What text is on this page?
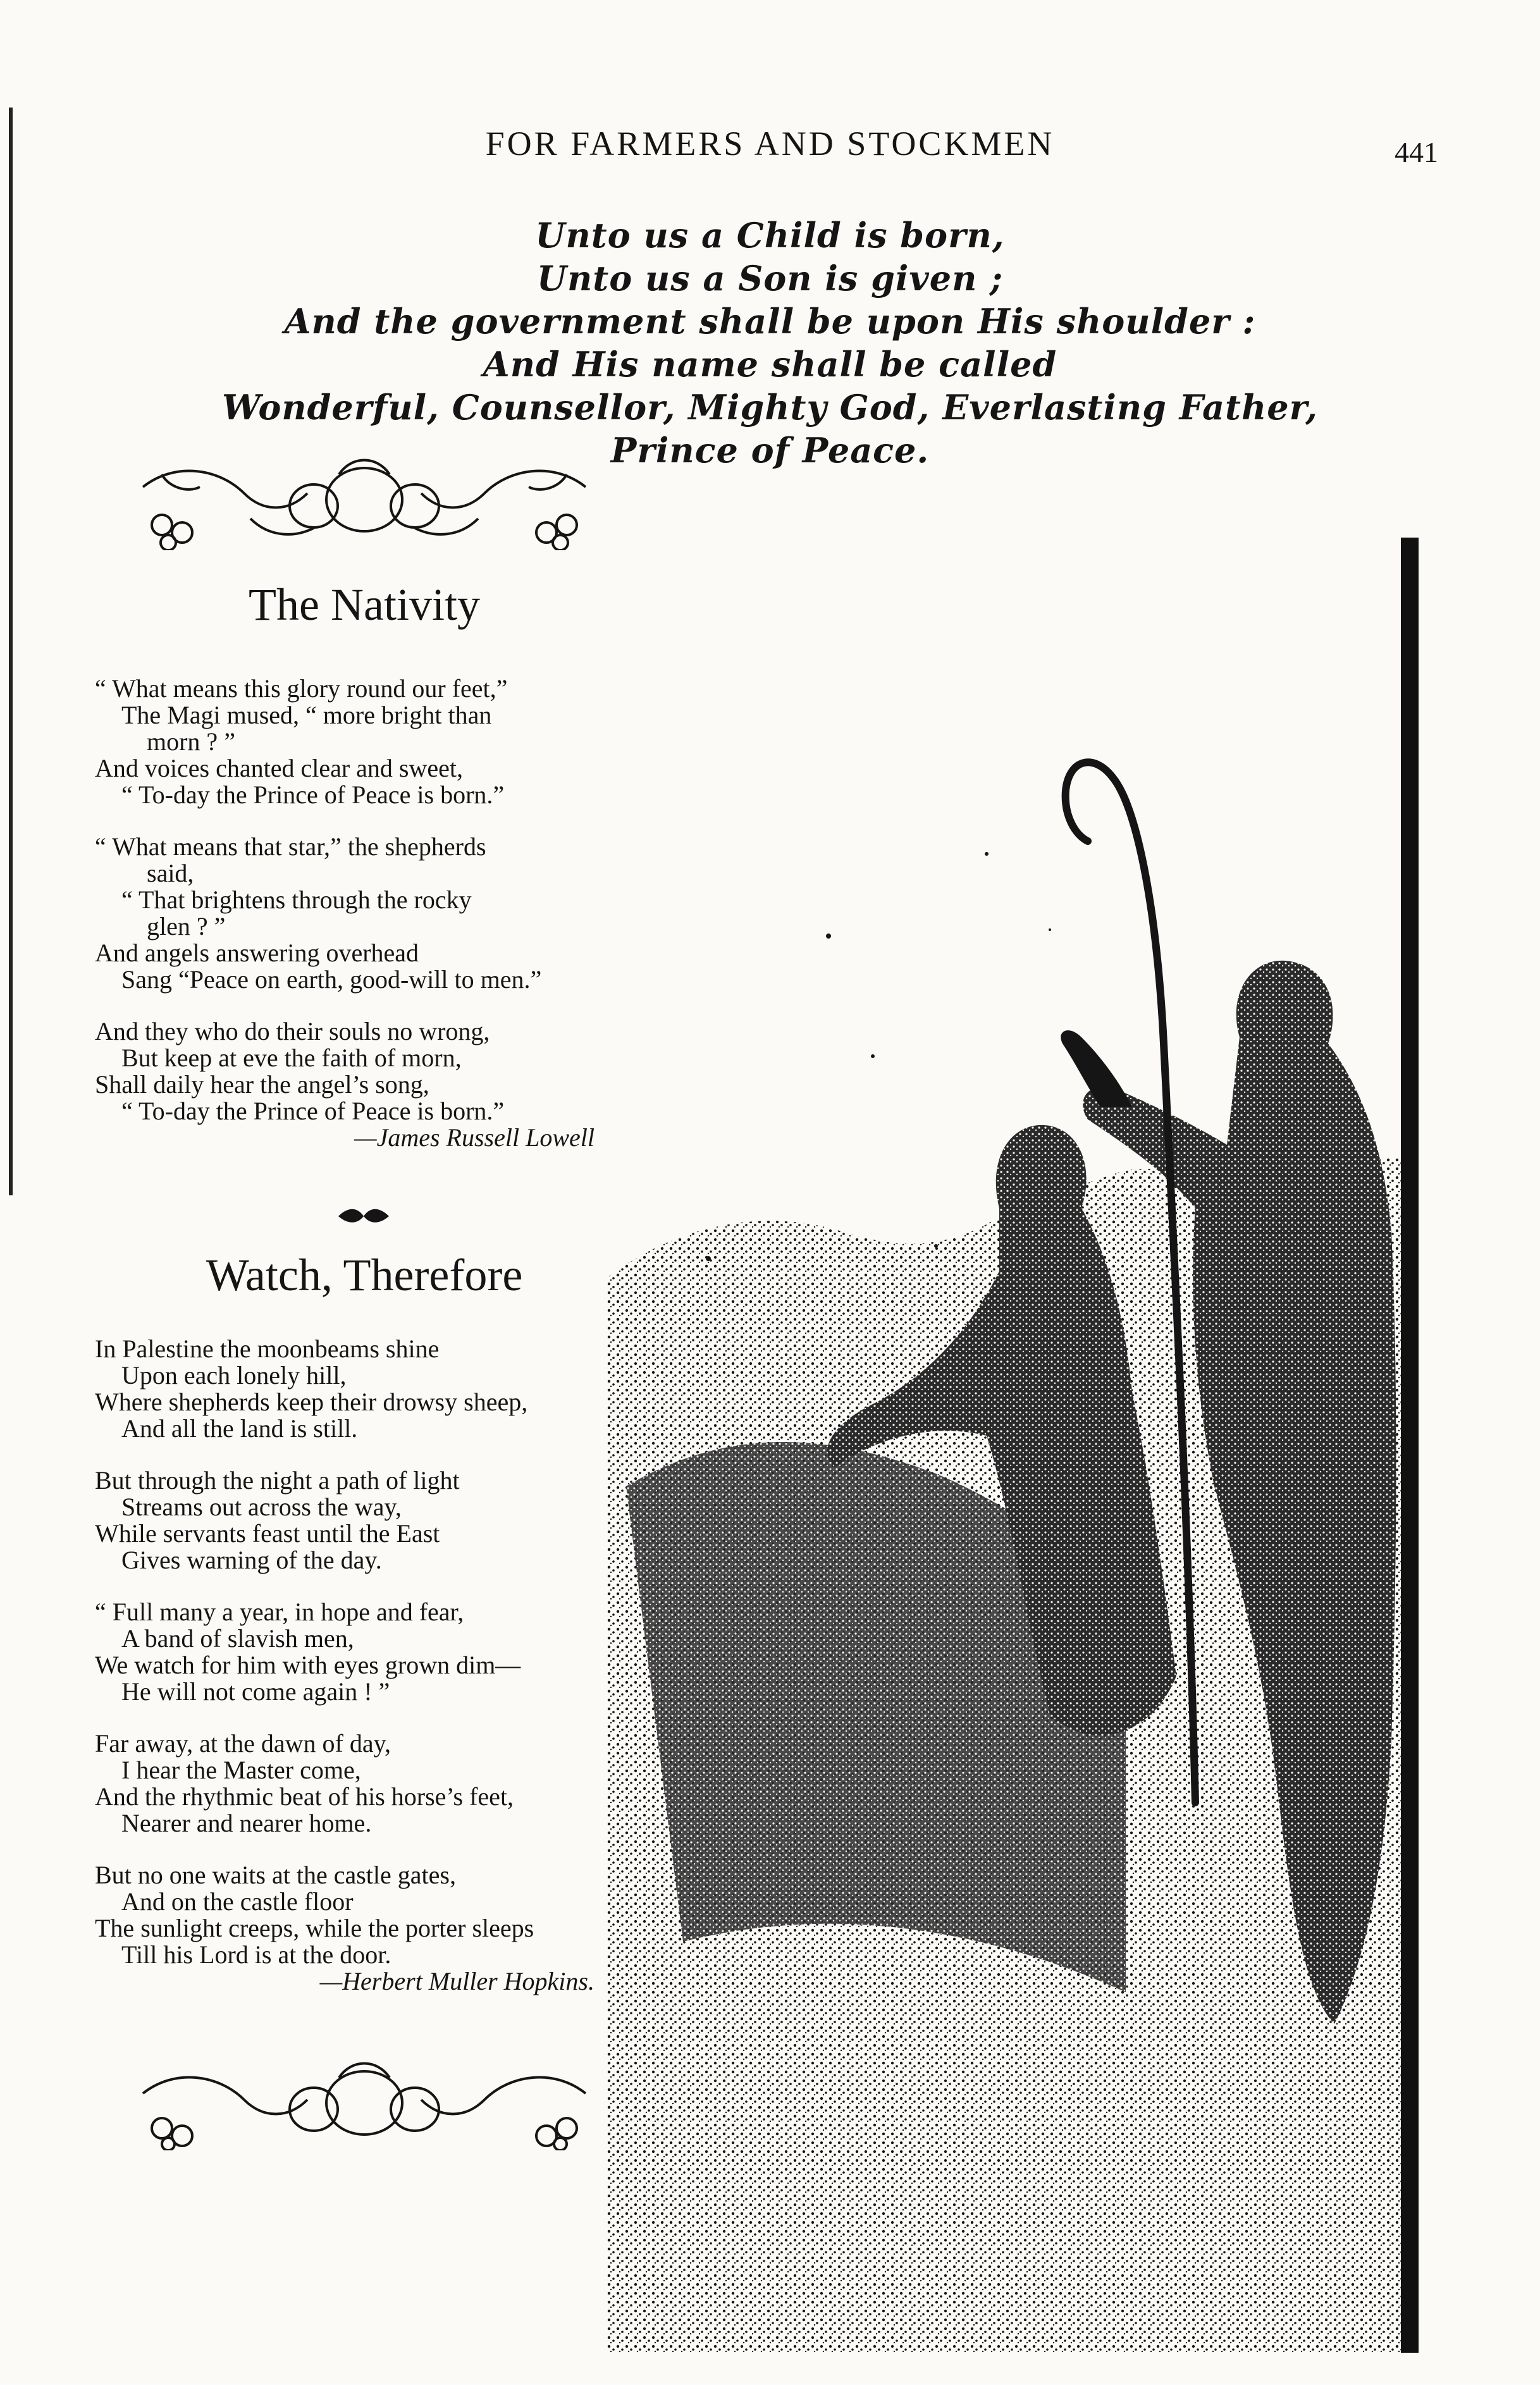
FOR FARMERS AND STOCKMEN	441
Unto us a Child is born,
Unto us a Son is given ;
And the government shall be upon His shoulder :
And His name shall be called
Wonderful, Counsellor, Mighty God, Everlasting Father,
Prince of Peace.
The Nativity
“ What means this glory round our feet,”
The Magi mused, “ more bright than
morn ? ”
And voices chanted clear and sweet,
“ To-day the Prince of Peace is born.”
“ What means that star,” the shepherds
said,
“ That brightens through the rocky
glen ? ”
And angels answering overhead
Sang “Peace on earth, good-will to men.”
And they who do their souls no wrong,
But keep at eve the faith of morn,
Shall daily hear the angel’s song,
“ To-day the Prince of Peace is born.”
—James Russell Lowell
Watch, Therefore
In Palestine the moonbeams shine
Upon each lonely hill,
Where shepherds keep their drowsy sheep,
And all the land is still.
But through the night a path of light
Streams out across the way,
While servants feast until the East
Gives warning of the day.
“ Full many a year, in hope and fear,
A band of slavish men,
We watch for him with eyes grown dim—
He will not come again ! ”
Far away, at the dawn of day,
I hear the Master come,
And the rhythmic beat of his horse’s feet,
Nearer and nearer home.
But no one waits at the castle gates,
And on the castle floor
The sunlight creeps, while the porter sleeps
Till his Lord is at the door.
—Herbert Muller Hopkins.
